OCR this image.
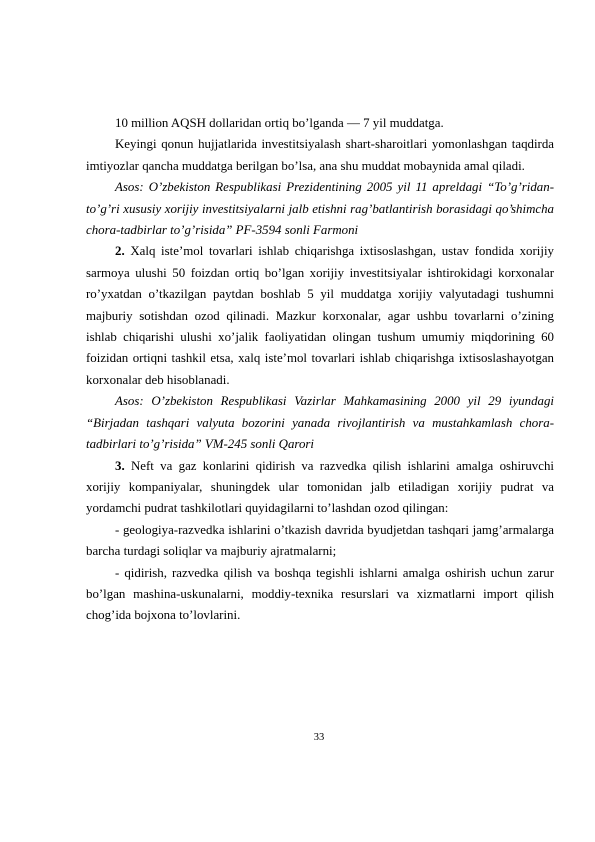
10 million AQSH dollaridan ortiq bo’lganda — 7 yil muddatga.

Keyingi qonun hujjatlarida investitsiyalash shart-sharoitlari yomonlashgan taqdirda imtiyozlar qancha muddatga berilgan bo’lsa, ana shu muddat mobaynida amal qiladi.

Asos: O’zbekiston Respublikasi Prezidentining 2005 yil 11 apreldagi “To’g’ridan-to’g’ri xususiy xorijiy investitsiyalarni jalb etishni rag’batlantirish borasidagi qo’shimcha chora-tadbirlar to’g’risida” PF-3594 sonli Farmoni

2. Xalq iste’mol tovarlari ishlab chiqarishga ixtisoslashgan, ustav fondida xorijiy sarmoya ulushi 50 foizdan ortiq bo’lgan xorijiy investitsiyalar ishtirokidagi korxonalar ro’yxatdan o’tkazilgan paytdan boshlab 5 yil muddatga xorijiy valyutadagi tushumni majburiy sotishdan ozod qilinadi. Mazkur korxonalar, agar ushbu tovarlarni o’zining ishlab chiqarishi ulushi xo’jalik faoliyatidan olingan tushum umumiy miqdorining 60 foizidan ortiqni tashkil etsa, xalq iste’mol tovarlari ishlab chiqarishga ixtisoslashayotgan korxonalar deb hisoblanadi.

Asos: O’zbekiston Respublikasi Vazirlar Mahkamasining 2000 yil 29 iyundagi “Birjadan tashqari valyuta bozorini yanada rivojlantirish va mustahkamlash chora-tadbirlari to’g’risida” VM-245 sonli Qarori

3. Neft va gaz konlarini qidirish va razvedka qilish ishlarini amalga oshiruvchi xorijiy kompaniyalar, shuningdek ular tomonidan jalb etiladigan xorijiy pudrat va yordamchi pudrat tashkilotlari quyidagilarni to’lashdan ozod qilingan:

- geologiya-razvedka ishlarini o’tkazish davrida byudjetdan tashqari jamg’armalarga barcha turdagi soliqlar va majburiy ajratmalarni;

- qidirish, razvedka qilish va boshqa tegishli ishlarni amalga oshirish uchun zarur bo’lgan mashina-uskunalarni, moddiy-texnika resurslari va xizmatlarni import qilish chog’ida bojxona to’lovlarini.

33
